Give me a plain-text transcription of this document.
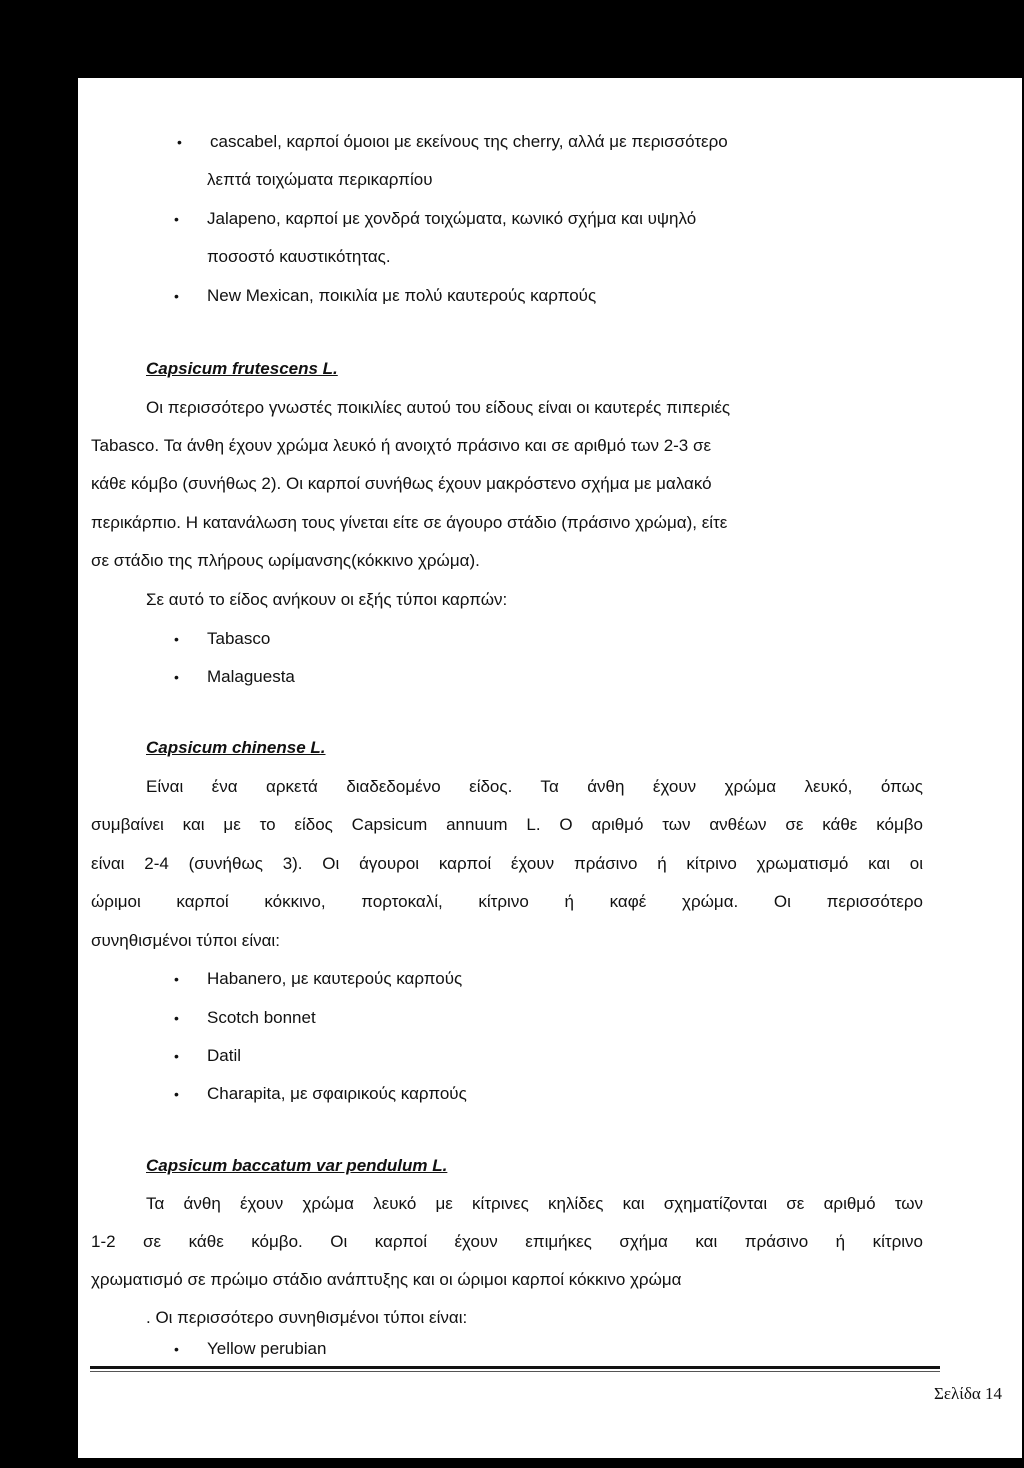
• cascabel, καρποί όμοιοι με εκείνους της cherry, αλλά με περισσότερο
λεπτά τοιχώματα περικαρπίου
• Jalapeno, καρποί με χονδρά τοιχώματα, κωνικό σχήμα και υψηλό
ποσοστό καυστικότητας.
• New Mexican, ποικιλία με πολύ καυτερούς καρπούς
Capsicum frutescens L.
Οι περισσότερο γνωστές ποικιλίες αυτού του είδους είναι οι καυτερές πιπεριές
Tabasco. Τα άνθη έχουν χρώμα λευκό ή ανοιχτό πράσινο και σε αριθμό των 2-3 σε
κάθε κόμβο (συνήθως 2). Οι καρποί συνήθως έχουν μακρόστενο σχήμα με μαλακό
περικάρπιο. Η κατανάλωση τους γίνεται είτε σε άγουρο στάδιο (πράσινο χρώμα), είτε
σε στάδιο της πλήρους ωρίμανσης(κόκκινο χρώμα).
Σε αυτό το είδος ανήκουν οι εξής τύποι καρπών:
• Tabasco
• Malaguesta
Capsicum chinense L.
Είναι ένα αρκετά διαδεδομένο είδος. Τα άνθη έχουν χρώμα λευκό, όπως
συμβαίνει και με το είδος Capsicum annuum L. Ο αριθμό των ανθέων σε κάθε κόμβο
είναι 2-4 (συνήθως 3). Οι άγουροι καρποί έχουν πράσινο ή κίτρινο χρωματισμό και οι
ώριμοι καρποί κόκκινο, πορτοκαλί, κίτρινο ή καφέ χρώμα. Οι περισσότερο
συνηθισμένοι τύποι είναι:
• Habanero, με καυτερούς καρπούς
• Scotch bonnet
• Datil
• Charapita, με σφαιρικούς καρπούς
Capsicum baccatum var pendulum L.
Τα άνθη έχουν χρώμα λευκό με κίτρινες κηλίδες και σχηματίζονται σε αριθμό των
1-2 σε κάθε κόμβο. Οι καρποί έχουν επιμήκες σχήμα και πράσινο ή κίτρινο
χρωματισμό σε πρώιμο στάδιο ανάπτυξης και οι ώριμοι καρποί κόκκινο χρώμα
. Οι περισσότερο συνηθισμένοι τύποι είναι:
• Yellow perubian
Σελίδα 14
